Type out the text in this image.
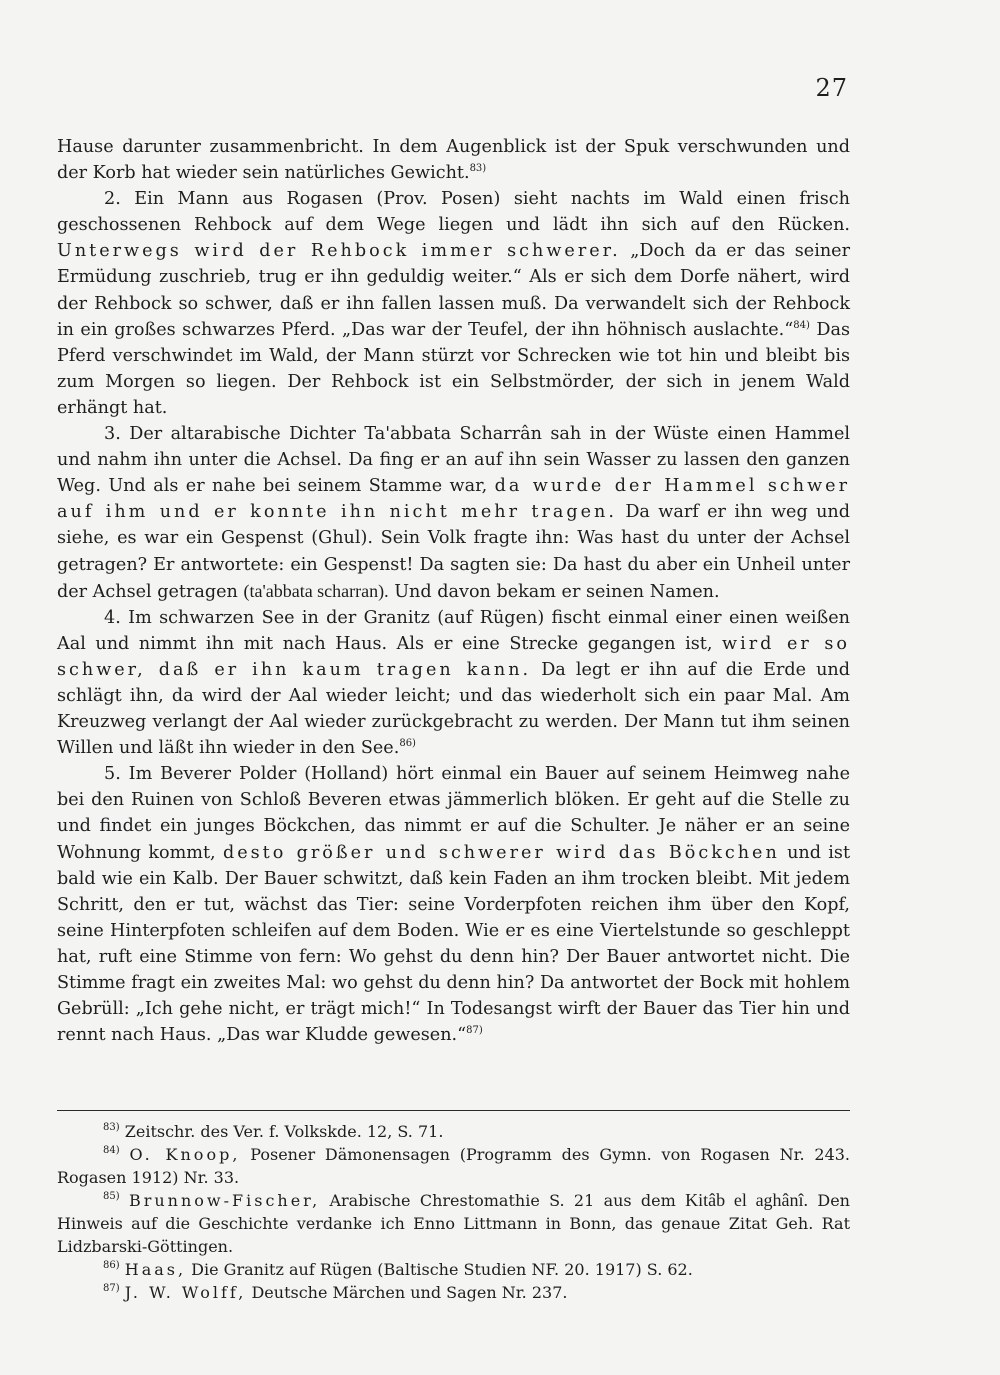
27

Hause darunter zusammenbricht. In dem Augenblick ist der Spuk verschwunden und der Korb hat wieder sein natürliches Gewicht.$^{83)}$

2. Ein Mann aus Rogasen (Prov. Posen) sieht nachts im Wald einen frisch geschossenen Rehbock auf dem Wege liegen und lädt ihn sich auf den Rücken. Unterwegs wird der Rehbock immer schwerer. „Doch da er das seiner Ermüdung zuschrieb, trug er ihn geduldig weiter.“ Als er sich dem Dorfe nähert, wird der Rehbock so schwer, daß er ihn fallen lassen muß. Da verwandelt sich der Rehbock in ein großes schwarzes Pferd. „Das war der Teufel, der ihn höhnisch auslachte.“$^{84)}$ Das Pferd verschwindet im Wald, der Mann stürzt vor Schrecken wie tot hin und bleibt bis zum Morgen so liegen. Der Rehbock ist ein Selbstmörder, der sich in jenem Wald erhängt hat.

3. Der altarabische Dichter Ta'abbata Scharrân sah in der Wüste einen Hammel und nahm ihn unter die Achsel. Da fing er an auf ihn sein Wasser zu lassen den ganzen Weg. Und als er nahe bei seinem Stamme war, da wurde der Hammel schwer auf ihm und er konnte ihn nicht mehr tragen. Da warf er ihn weg und siehe, es war ein Gespenst (Ghul). Sein Volk fragte ihn: Was hast du unter der Achsel getragen? Er antwortete: ein Gespenst! Da sagten sie: Da hast du aber ein Unheil unter der Achsel getragen (ta'abbata scharran). Und davon bekam er seinen Namen.

4. Im schwarzen See in der Granitz (auf Rügen) fischt einmal einer einen weißen Aal und nimmt ihn mit nach Haus. Als er eine Strecke gegangen ist, wird er so schwer, daß er ihn kaum tragen kann. Da legt er ihn auf die Erde und schlägt ihn, da wird der Aal wieder leicht; und das wiederholt sich ein paar Mal. Am Kreuzweg verlangt der Aal wieder zurückgebracht zu werden. Der Mann tut ihm seinen Willen und läßt ihn wieder in den See.$^{86)}$

5. Im Beverer Polder (Holland) hört einmal ein Bauer auf seinem Heimweg nahe bei den Ruinen von Schloß Beveren etwas jämmerlich blöken. Er geht auf die Stelle zu und findet ein junges Böckchen, das nimmt er auf die Schulter. Je näher er an seine Wohnung kommt, desto größer und schwerer wird das Böckchen und ist bald wie ein Kalb. Der Bauer schwitzt, daß kein Faden an ihm trocken bleibt. Mit jedem Schritt, den er tut, wächst das Tier: seine Vorderpfoten reichen ihm über den Kopf, seine Hinterpfoten schleifen auf dem Boden. Wie er es eine Viertelstunde so geschleppt hat, ruft eine Stimme von fern: Wo gehst du denn hin? Der Bauer antwortet nicht. Die Stimme fragt ein zweites Mal: wo gehst du denn hin? Da antwortet der Bock mit hohlem Gebrüll: „Ich gehe nicht, er trägt mich!“ In Todesangst wirft der Bauer das Tier hin und rennt nach Haus. „Das war Kludde gewesen.“$^{87)}$

$^{83)}$ Zeitschr. des Ver. f. Volkskde. 12, S. 71.

$^{84)}$ O. Knoop, Posener Dämonensagen (Programm des Gymn. von Rogasen Nr. 243. Rogasen 1912) Nr. 33.

$^{85)}$ Brunnow-Fischer, Arabische Chrestomathie S. 21 aus dem Kitâb el aghânî. Den Hinweis auf die Geschichte verdanke ich Enno Littmann in Bonn, das genaue Zitat Geh. Rat Lidzbarski-Göttingen.

$^{86)}$ Haas, Die Granitz auf Rügen (Baltische Studien NF. 20. 1917) S. 62.

$^{87)}$ J. W. Wolff, Deutsche Märchen und Sagen Nr. 237.
